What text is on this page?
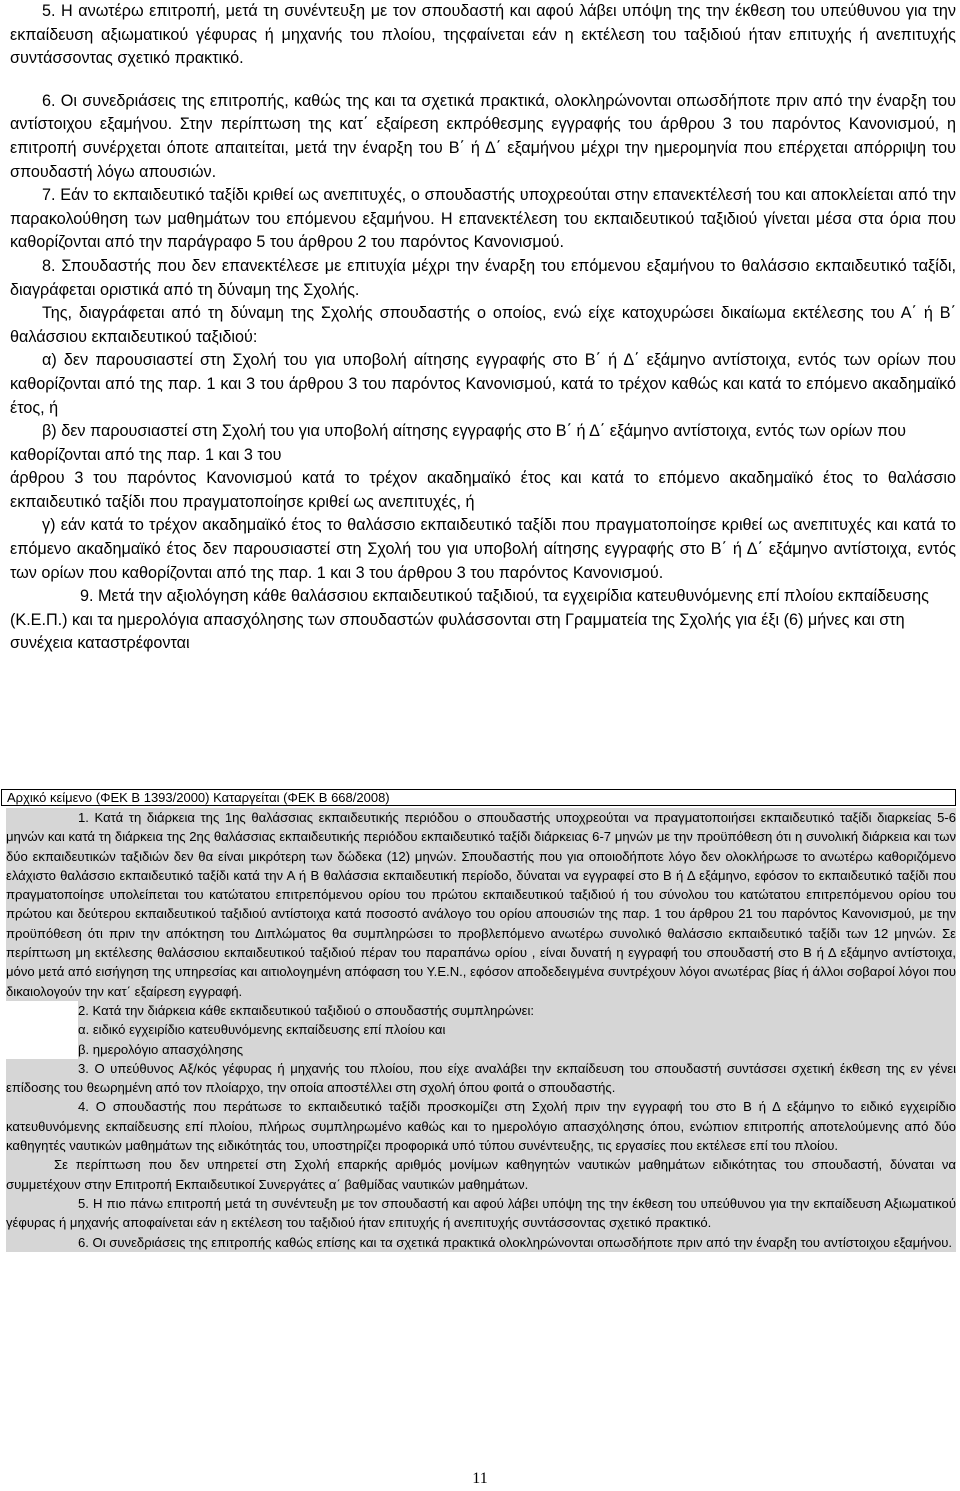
5. Η ανωτέρω επιτροπή, μετά τη συνέντευξη με τον σπουδαστή και αφού λάβει υπόψη της την έκθεση του υπεύθυνου για την εκπαίδευση αξιωματικού γέφυρας ή μηχανής του πλοίου, τηςφαίνεται εάν η εκτέλεση του ταξιδιού ήταν επιτυχής ή ανεπιτυχής συντάσσοντας σχετικό πρακτικό.

6. Οι συνεδριάσεις της επιτροπής, καθώς της και τα σχετικά πρακτικά, ολοκληρώνονται οπωσδήποτε πριν από την έναρξη του αντίστοιχου εξαμήνου. Στην περίπτωση της κατ΄ εξαίρεση εκπρόθεσμης εγγραφής του άρθρου 3 του παρόντος Κανονισμού, η επιτροπή συνέρχεται όποτε απαιτείται, μετά την έναρξη του Β΄ ή Δ΄ εξαμήνου μέχρι την ημερομηνία που επέρχεται απόρριψη του σπουδαστή λόγω απουσιών.

7. Εάν το εκπαιδευτικό ταξίδι κριθεί ως ανεπιτυχές, ο σπουδαστής υποχρεούται στην επανεκτέλεσή του και αποκλείεται από την παρακολούθηση των μαθημάτων του επόμενου εξαμήνου. Η επανεκτέλεση του εκπαιδευτικού ταξιδιού γίνεται μέσα στα όρια που καθορίζονται από την παράγραφο 5 του άρθρου 2 του παρόντος Κανονισμού.

8. Σπουδαστής που δεν επανεκτέλεσε με επιτυχία μέχρι την έναρξη του επόμενου εξαμήνου το θαλάσσιο εκπαιδευτικό ταξίδι, διαγράφεται οριστικά από τη δύναμη της Σχολής.

Της, διαγράφεται από τη δύναμη της Σχολής σπουδαστής ο οποίος, ενώ είχε κατοχυρώσει δικαίωμα εκτέλεσης του Α΄ ή Β΄ θαλάσσιου εκπαιδευτικού ταξιδιού:

α) δεν παρουσιαστεί στη Σχολή του για υποβολή αίτησης εγγραφής στο Β΄ ή Δ΄ εξάμηνο αντίστοιχα, εντός των ορίων που καθορίζονται από της παρ. 1 και 3 του άρθρου 3 του παρόντος Κανονισμού, κατά το τρέχον καθώς και κατά το επόμενο ακαδημαϊκό έτος, ή

β) δεν παρουσιαστεί στη Σχολή του για υποβολή αίτησης εγγραφής στο Β΄ ή Δ΄ εξάμηνο αντίστοιχα, εντός των ορίων που καθορίζονται από της παρ. 1 και 3 του

άρθρου 3 του παρόντος Κανονισμού κατά το τρέχον ακαδημαϊκό έτος και κατά το επόμενο ακαδημαϊκό έτος το θαλάσσιο εκπαιδευτικό ταξίδι που πραγματοποίησε κριθεί ως ανεπιτυχές, ή

γ) εάν κατά το τρέχον ακαδημαϊκό έτος το θαλάσσιο εκπαιδευτικό ταξίδι που πραγματοποίησε κριθεί ως ανεπιτυχές και κατά το επόμενο ακαδημαϊκό έτος δεν παρουσιαστεί στη Σχολή του για υποβολή αίτησης εγγραφής στο Β΄ ή Δ΄ εξάμηνο αντίστοιχα, εντός των ορίων που καθορίζονται από της παρ. 1 και 3 του άρθρου 3 του παρόντος Κανονισμού.

9. Μετά την αξιολόγηση κάθε θαλάσσιου εκπαιδευτικού ταξιδιού, τα εγχειρίδια κατευθυνόμενης επί πλοίου εκπαίδευσης (Κ.Ε.Π.) και τα ημερολόγια απασχόλησης των σπουδαστών φυλάσσονται στη Γραμματεία της Σχολής για έξι (6) μήνες και στη συνέχεια καταστρέφονται

Αρχικό κείμενο (ΦΕΚ Β 1393/2000) Καταργείται (ΦΕΚ Β 668/2008)

1. Κατά τη διάρκεια της 1ης θαλάσσιας εκπαιδευτικής περιόδου ο σπουδαστής υποχρεούται να πραγματοποιήσει εκπαιδευτικό ταξίδι διαρκείας 5-6 μηνών και κατά τη διάρκεια της 2ης θαλάσσιας εκπαιδευτικής περιόδου εκπαιδευτικό ταξίδι διάρκειας 6-7 μηνών με την προϋπόθεση ότι η συνολική διάρκεια και των δύο εκπαιδευτικών ταξιδιών δεν θα είναι μικρότερη των δώδεκα (12) μηνών. Σπουδαστής που για οποιοδήποτε λόγο δεν ολοκλήρωσε το ανωτέρω καθοριζόμενο ελάχιστο θαλάσσιο εκπαιδευτικό ταξίδι κατά την Α ή Β θαλάσσια εκπαιδευτική περίοδο, δύναται να εγγραφεί στο Β ή Δ εξάμηνο, εφόσον το εκπαιδευτικό ταξίδι που πραγματοποίησε υπολείπεται του κατώτατου επιτρεπόμενου ορίου του πρώτου εκπαιδευτικού ταξιδιού ή του σύνολου του κατώτατου επιτρεπόμενου ορίου του πρώτου και δεύτερου εκπαιδευτικού ταξιδιού αντίστοιχα κατά ποσοστό ανάλογο του ορίου απουσιών της παρ. 1 του άρθρου 21 του παρόντος Κανονισμού, με την προϋπόθεση ότι πριν την απόκτηση του Διπλώματος θα συμπληρώσει το προβλεπόμενο ανωτέρω συνολικό θαλάσσιο εκπαιδευτικό ταξίδι των 12 μηνών. Σε περίπτωση μη εκτέλεσης θαλάσσιου εκπαιδευτικού ταξιδιού πέραν του παραπάνω ορίου , είναι δυνατή η εγγραφή του σπουδαστή στο Β ή Δ εξάμηνο αντίστοιχα, μόνο μετά από εισήγηση της υπηρεσίας και αιτιολογημένη απόφαση του Υ.Ε.Ν., εφόσον αποδεδειγμένα συντρέχουν λόγοι ανωτέρας βίας ή άλλοι σοβαροί λόγοι που δικαιολογούν την κατ΄ εξαίρεση εγγραφή.

2. Κατά την διάρκεια κάθε εκπαιδευτικού ταξιδιού ο σπουδαστής συμπληρώνει:

α. ειδικό εγχειρίδιο κατευθυνόμενης εκπαίδευσης επί πλοίου και

β. ημερολόγιο απασχόλησης

3. Ο υπεύθυνος Αξ/κός γέφυρας ή μηχανής του πλοίου, που είχε αναλάβει την εκπαίδευση του σπουδαστή συντάσσει σχετική έκθεση της εν γένει επίδοσης του θεωρημένη από τον πλοίαρχο, την οποία αποστέλλει στη σχολή όπου φοιτά ο σπουδαστής.

4. Ο σπουδαστής που περάτωσε το εκπαιδευτικό ταξίδι προσκομίζει στη Σχολή πριν την εγγραφή του στο Β ή Δ εξάμηνο το ειδικό εγχειρίδιο κατευθυνόμενης εκπαίδευσης επί πλοίου, πλήρως συμπληρωμένο καθώς και το ημερολόγιο απασχόλησης όπου, ενώπιον επιτροπής αποτελούμενης από δύο καθηγητές ναυτικών μαθημάτων της ειδικότητάς του, υποστηρίζει προφορικά υπό τύπου συνέντευξης, τις εργασίες που εκτέλεσε επί του πλοίου.

Σε περίπτωση που δεν υπηρετεί στη Σχολή επαρκής αριθμός μονίμων καθηγητών ναυτικών μαθημάτων ειδικότητας του σπουδαστή, δύναται να συμμετέχουν στην Επιτροπή Εκπαιδευτικοί Συνεργάτες α΄ βαθμίδας ναυτικών μαθημάτων.

5. Η πιο πάνω επιτροπή μετά τη συνέντευξη με τον σπουδαστή και αφού λάβει υπόψη της την έκθεση του υπεύθυνου για την εκπαίδευση Αξιωματικού γέφυρας ή μηχανής αποφαίνεται εάν η εκτέλεση του ταξιδιού ήταν επιτυχής ή ανεπιτυχής συντάσσοντας σχετικό πρακτικό.

6. Οι συνεδριάσεις της επιτροπής καθώς επίσης και τα σχετικά πρακτικά ολοκληρώνονται οπωσδήποτε πριν από την έναρξη του αντίστοιχου εξαμήνου.

11
